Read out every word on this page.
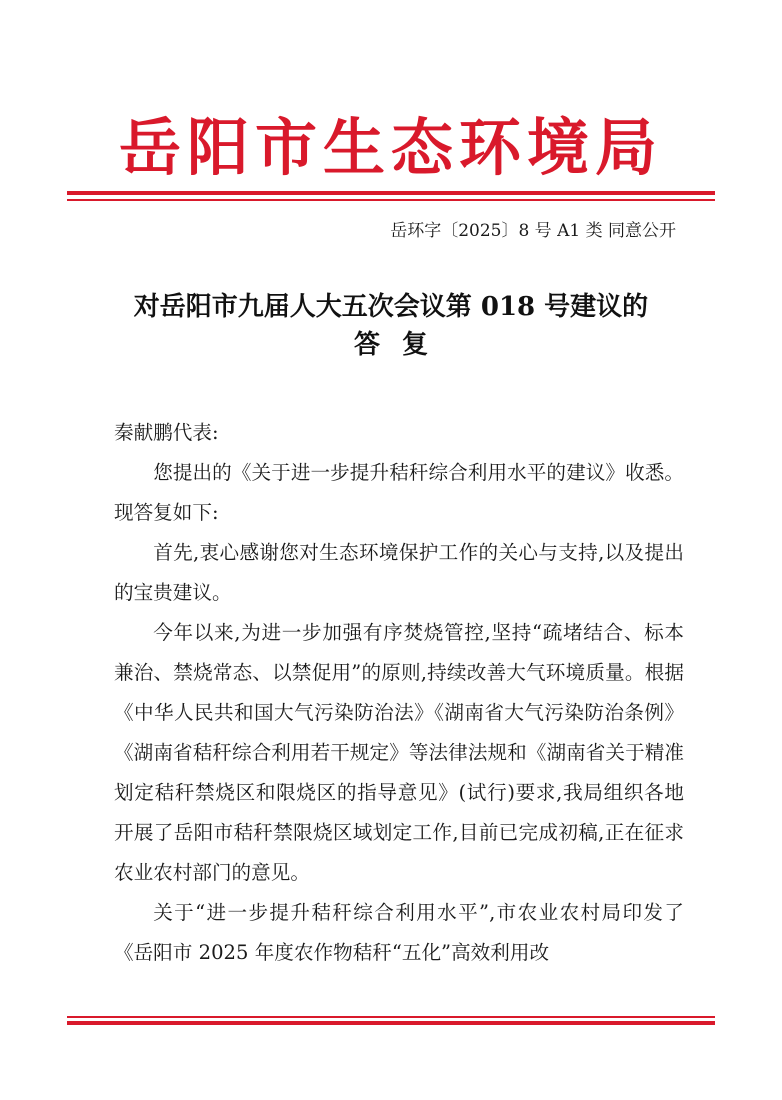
岳阳市生态环境局
岳环字〔2025〕8 号 A1 类 同意公开
对岳阳市九届人大五次会议第 018 号建议的
答复

秦献鹏代表:

您提出的《关于进一步提升秸秆综合利用水平的建议》收悉。现答复如下:

首先,衷心感谢您对生态环境保护工作的关心与支持,以及提出的宝贵建议。

今年以来,为进一步加强有序焚烧管控,坚持“疏堵结合、标本兼治、禁烧常态、以禁促用”的原则,持续改善大气环境质量。根据《中华人民共和国大气污染防治法》《湖南省大气污染防治条例》《湖南省秸秆综合利用若干规定》等法律法规和《湖南省关于精准划定秸秆禁烧区和限烧区的指导意见》(试行)要求,我局组织各地开展了岳阳市秸秆禁限烧区域划定工作,目前已完成初稿,正在征求农业农村部门的意见。

关于“进一步提升秸秆综合利用水平”,市农业农村局印发了《岳阳市 2025 年度农作物秸秆“五化”高效利用改
